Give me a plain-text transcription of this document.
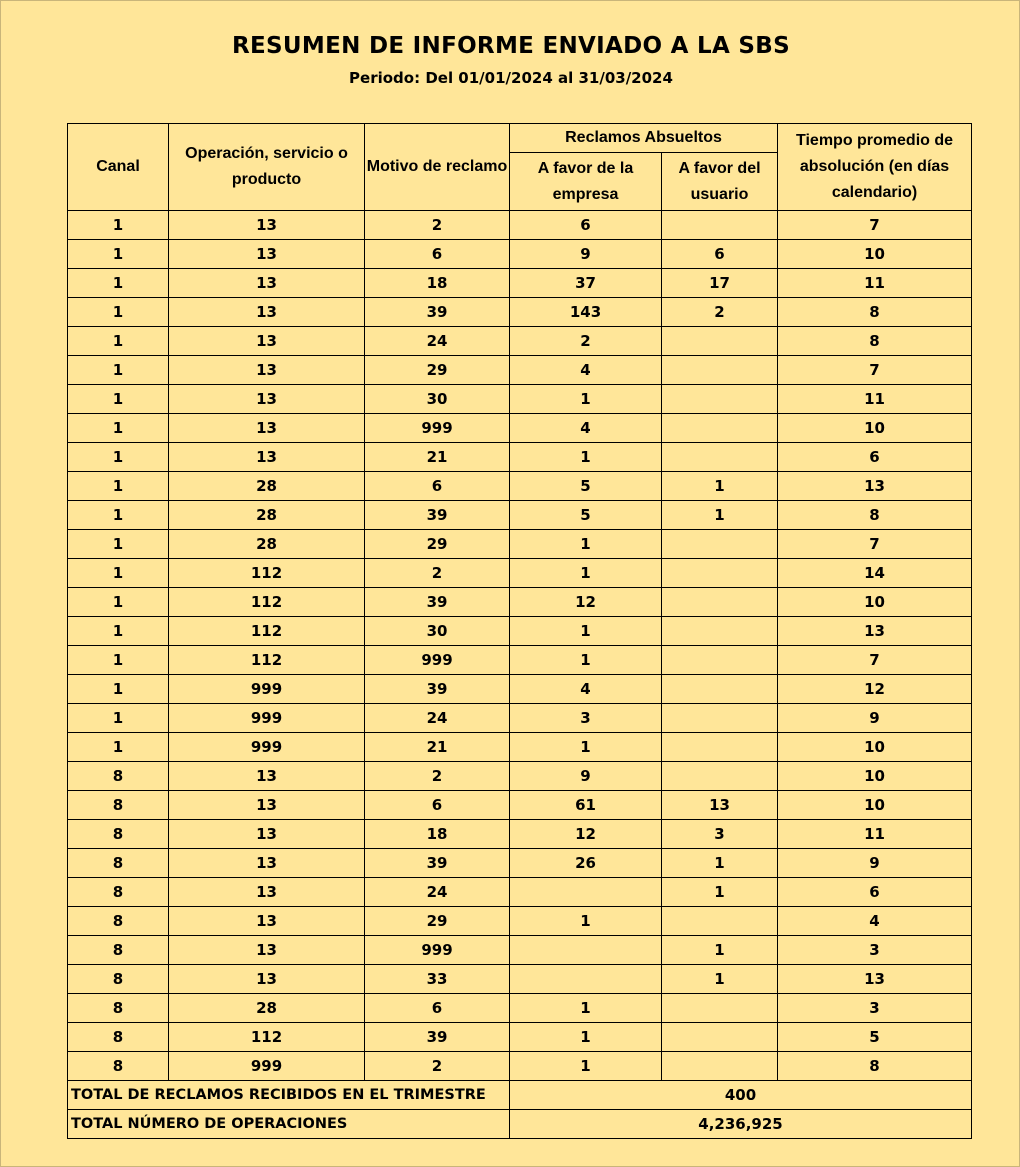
RESUMEN DE INFORME ENVIADO A LA SBS
Periodo: Del 01/01/2024 al 31/03/2024
Canal	Operación, servicio o producto	Motivo de reclamo	Reclamos Absueltos		Tiempo promedio de absolución (en días calendario)
			A favor de la empresa	A favor del usuario	
1	13	2	6		7
1	13	6	9	6	10
1	13	18	37	17	11
1	13	39	143	2	8
1	13	24	2		8
1	13	29	4		7
1	13	30	1		11
1	13	999	4		10
1	13	21	1		6
1	28	6	5	1	13
1	28	39	5	1	8
1	28	29	1		7
1	112	2	1		14
1	112	39	12		10
1	112	30	1		13
1	112	999	1		7
1	999	39	4		12
1	999	24	3		9
1	999	21	1		10
8	13	2	9		10
8	13	6	61	13	10
8	13	18	12	3	11
8	13	39	26	1	9
8	13	24		1	6
8	13	29	1		4
8	13	999		1	3
8	13	33		1	13
8	28	6	1		3
8	112	39	1		5
8	999	2	1		8
TOTAL DE RECLAMOS RECIBIDOS EN EL TRIMESTRE			400		
TOTAL NÚMERO DE OPERACIONES			4,236,925		
